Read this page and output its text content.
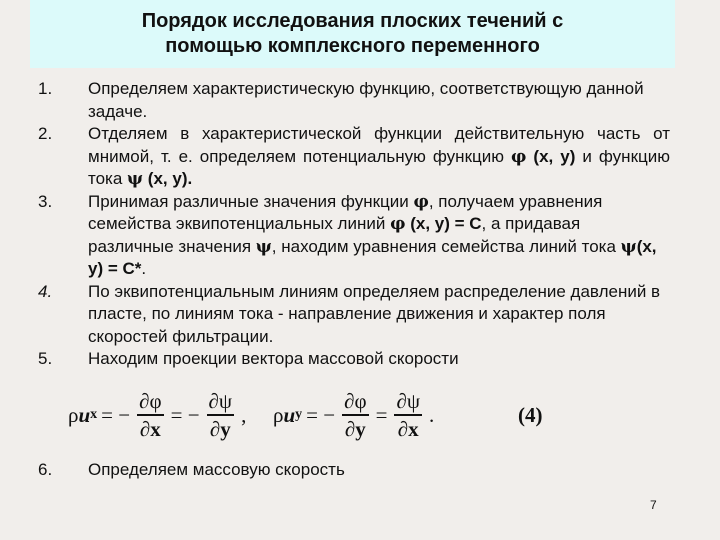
Порядок исследования плоских течений с
помощью комплексного переменного
1.	Определяем характеристическую функцию, соответствующую данной задаче.
2.	Отделяем в характеристической функции действительную часть от мнимой, т. е. определяем потенциальную функцию φ (х, у) и функцию тока ψ (х, у).
3.	Принимая различные значения функции φ, получаем уравнения семейства эквипотенциальных линий φ (х, у) = С, а придавая различные значения ψ, находим уравнения семейства линий тока ψ(х, у) = С*.
4.	По эквипотенциальным линиям определяем распределение давлений в пласте, по линиям тока - направление движения и характер поля скоростей фильтрации.
5.	Находим проекции вектора массовой скорости
ρ u x = − $\frac{\partial\varphi}{\partial x}$ = − $\frac{\partial\psi}{\partial y}$ , ρ u y = − $\frac{\partial\varphi}{\partial y} = \frac{\partial\psi}{\partial x}$ .	(4)
6.	Определяем массовую скорость
7
